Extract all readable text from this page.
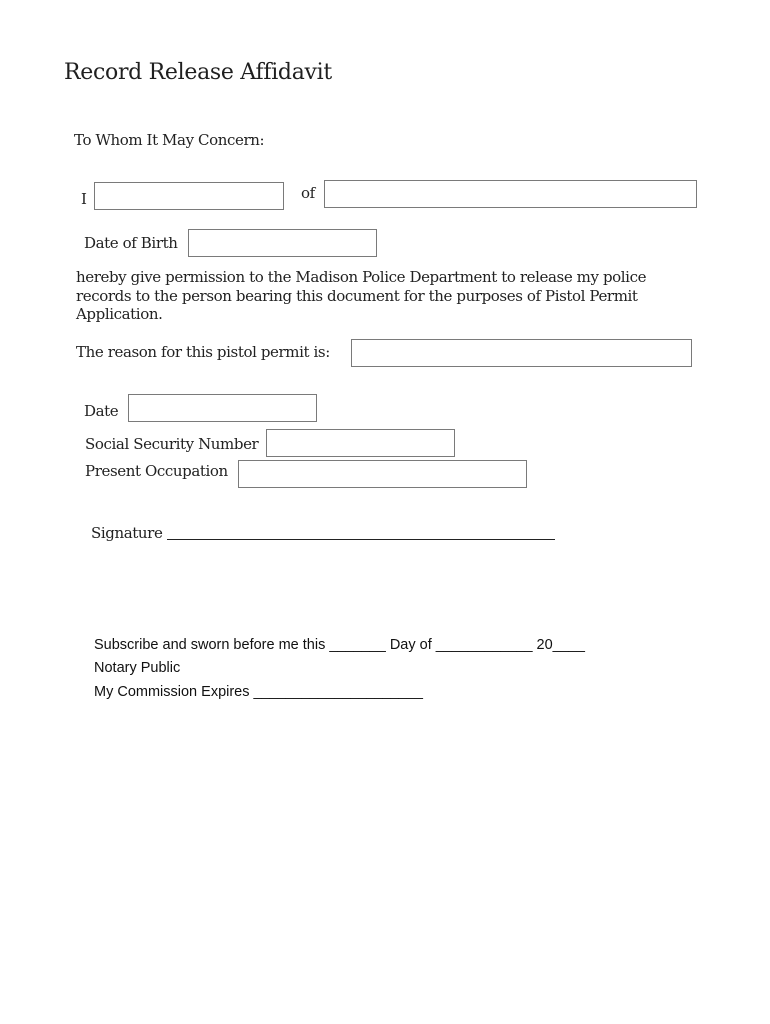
Record Release Affidavit
To Whom It May Concern:
I	of
Date of Birth
hereby give permission to the Madison Police Department to release my police records to the person bearing this document for the purposes of Pistol Permit Application.
The reason for this pistol permit is:
Date
Social Security Number
Present Occupation
Signature
Subscribe and sworn before me this _______ Day of ____________ 20____
Notary Public
My Commission Expires _____________________
